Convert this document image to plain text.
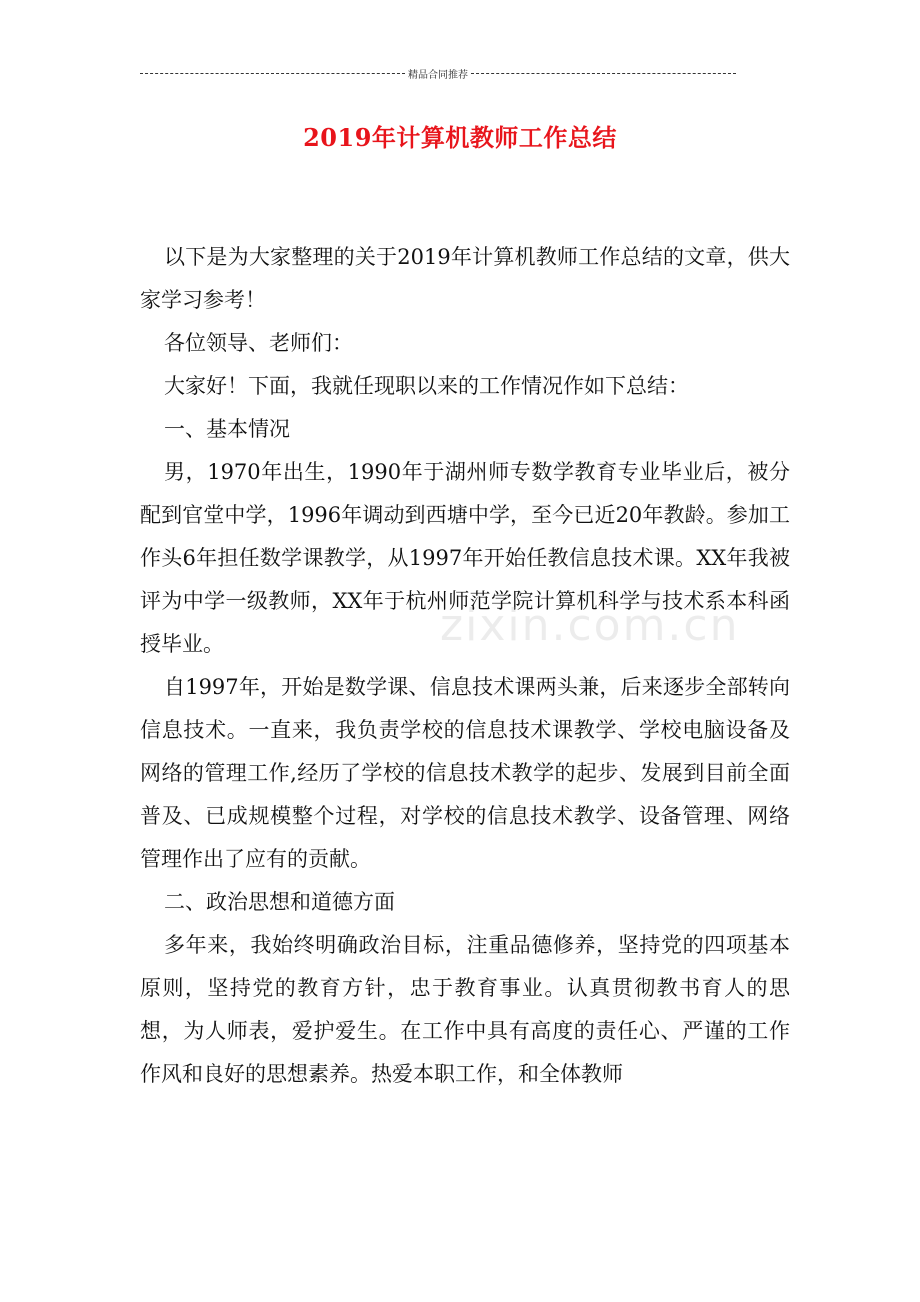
精品合同推荐
2019年计算机教师工作总结

以下是为大家整理的关于2019年计算机教师工作总结的文章，供大家学习参考！

各位领导、老师们：

大家好！下面，我就任现职以来的工作情况作如下总结：

一、基本情况

男，1970年出生，1990年于湖州师专数学教育专业毕业后，被分配到官堂中学，1996年调动到西塘中学，至今已近20年教龄。参加工作头6年担任数学课教学，从1997年开始任教信息技术课。XX年我被评为中学一级教师，XX年于杭州师范学院计算机科学与技术系本科函授毕业。

自1997年，开始是数学课、信息技术课两头兼，后来逐步全部转向信息技术。一直来，我负责学校的信息技术课教学、学校电脑设备及网络的管理工作,经历了学校的信息技术教学的起步、发展到目前全面普及、已成规模整个过程，对学校的信息技术教学、设备管理、网络管理作出了应有的贡献。

二、政治思想和道德方面

多年来，我始终明确政治目标，注重品德修养，坚持党的四项基本原则，坚持党的教育方针，忠于教育事业。认真贯彻教书育人的思想，为人师表，爱护爱生。在工作中具有高度的责任心、严谨的工作作风和良好的思想素养。热爱本职工作，和全体教师

zixin.com.cn
